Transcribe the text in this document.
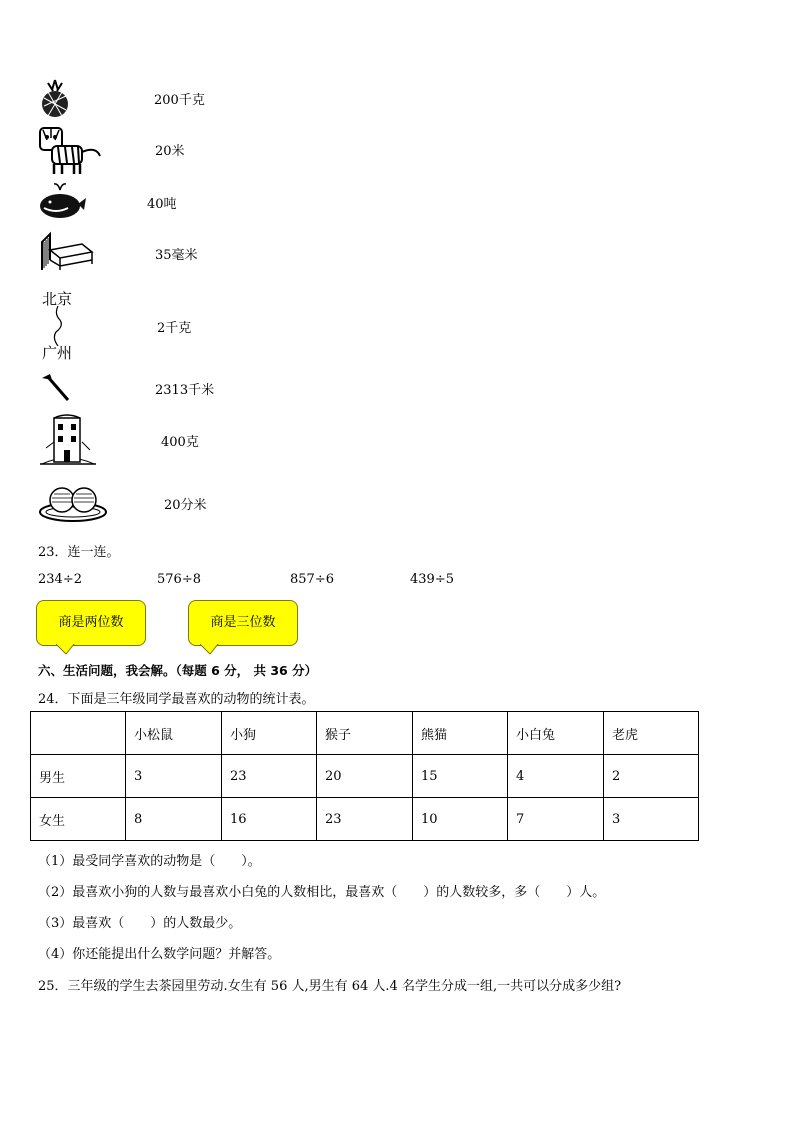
北京
广州
200千克
20米
40吨
35毫米
2千克
2313千米
400克
20分米
23．连一连。
234÷2	576÷8	857÷6	439÷5
商是两位数	商是三位数
六、生活问题，我会解。（每题 6 分， 共 36 分）
24．下面是三年级同学最喜欢的动物的统计表。
	小松鼠	小狗	猴子	熊猫	小白兔	老虎
男生	3	23	20	15	4	2
女生	8	16	23	10	7	3
（1）最受同学喜欢的动物是（　　）。
（2）最喜欢小狗的人数与最喜欢小白兔的人数相比，最喜欢（　　）的人数较多，多（　　）人。
（3）最喜欢（　　）的人数最少。
（4）你还能提出什么数学问题？并解答。
25．三年级的学生去茶园里劳动.女生有 56 人,男生有 64 人.4 名学生分成一组,一共可以分成多少组?
